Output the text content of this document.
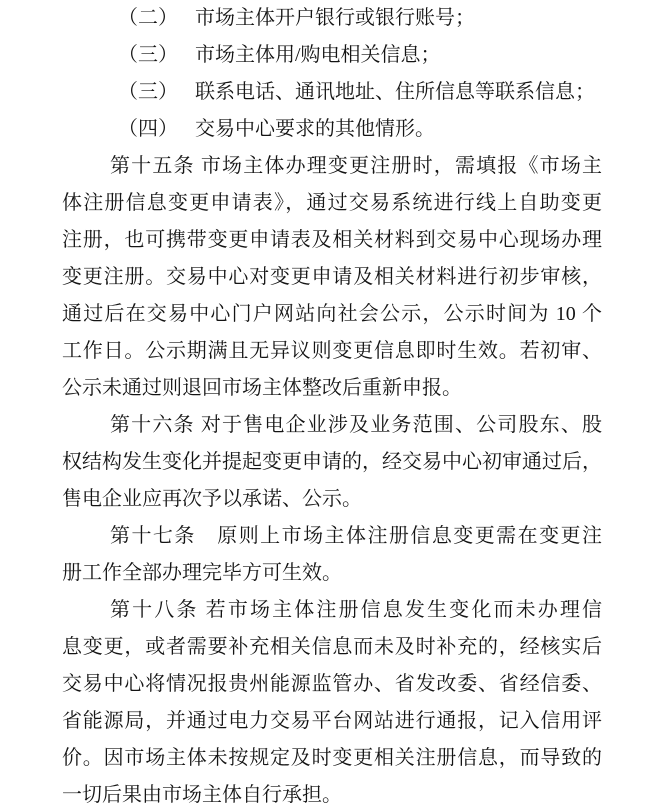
（二） 市场主体开户银行或银行账号；
（三） 市场主体用/购电相关信息；
（三） 联系电话、通讯地址、住所信息等联系信息；
（四） 交易中心要求的其他情形。
第十五条 市场主体办理变更注册时，需填报《市场主
体注册信息变更申请表》，通过交易系统进行线上自助变更
注册，也可携带变更申请表及相关材料到交易中心现场办理
变更注册。交易中心对变更申请及相关材料进行初步审核，
通过后在交易中心门户网站向社会公示，公示时间为 10 个
工作日。公示期满且无异议则变更信息即时生效。若初审、
公示未通过则退回市场主体整改后重新申报。
第十六条 对于售电企业涉及业务范围、公司股东、股
权结构发生变化并提起变更申请的，经交易中心初审通过后，
售电企业应再次予以承诺、公示。
第十七条　原则上市场主体注册信息变更需在变更注
册工作全部办理完毕方可生效。
第十八条 若市场主体注册信息发生变化而未办理信
息变更，或者需要补充相关信息而未及时补充的，经核实后
交易中心将情况报贵州能源监管办、省发改委、省经信委、
省能源局，并通过电力交易平台网站进行通报，记入信用评
价。因市场主体未按规定及时变更相关注册信息，而导致的
一切后果由市场主体自行承担。
